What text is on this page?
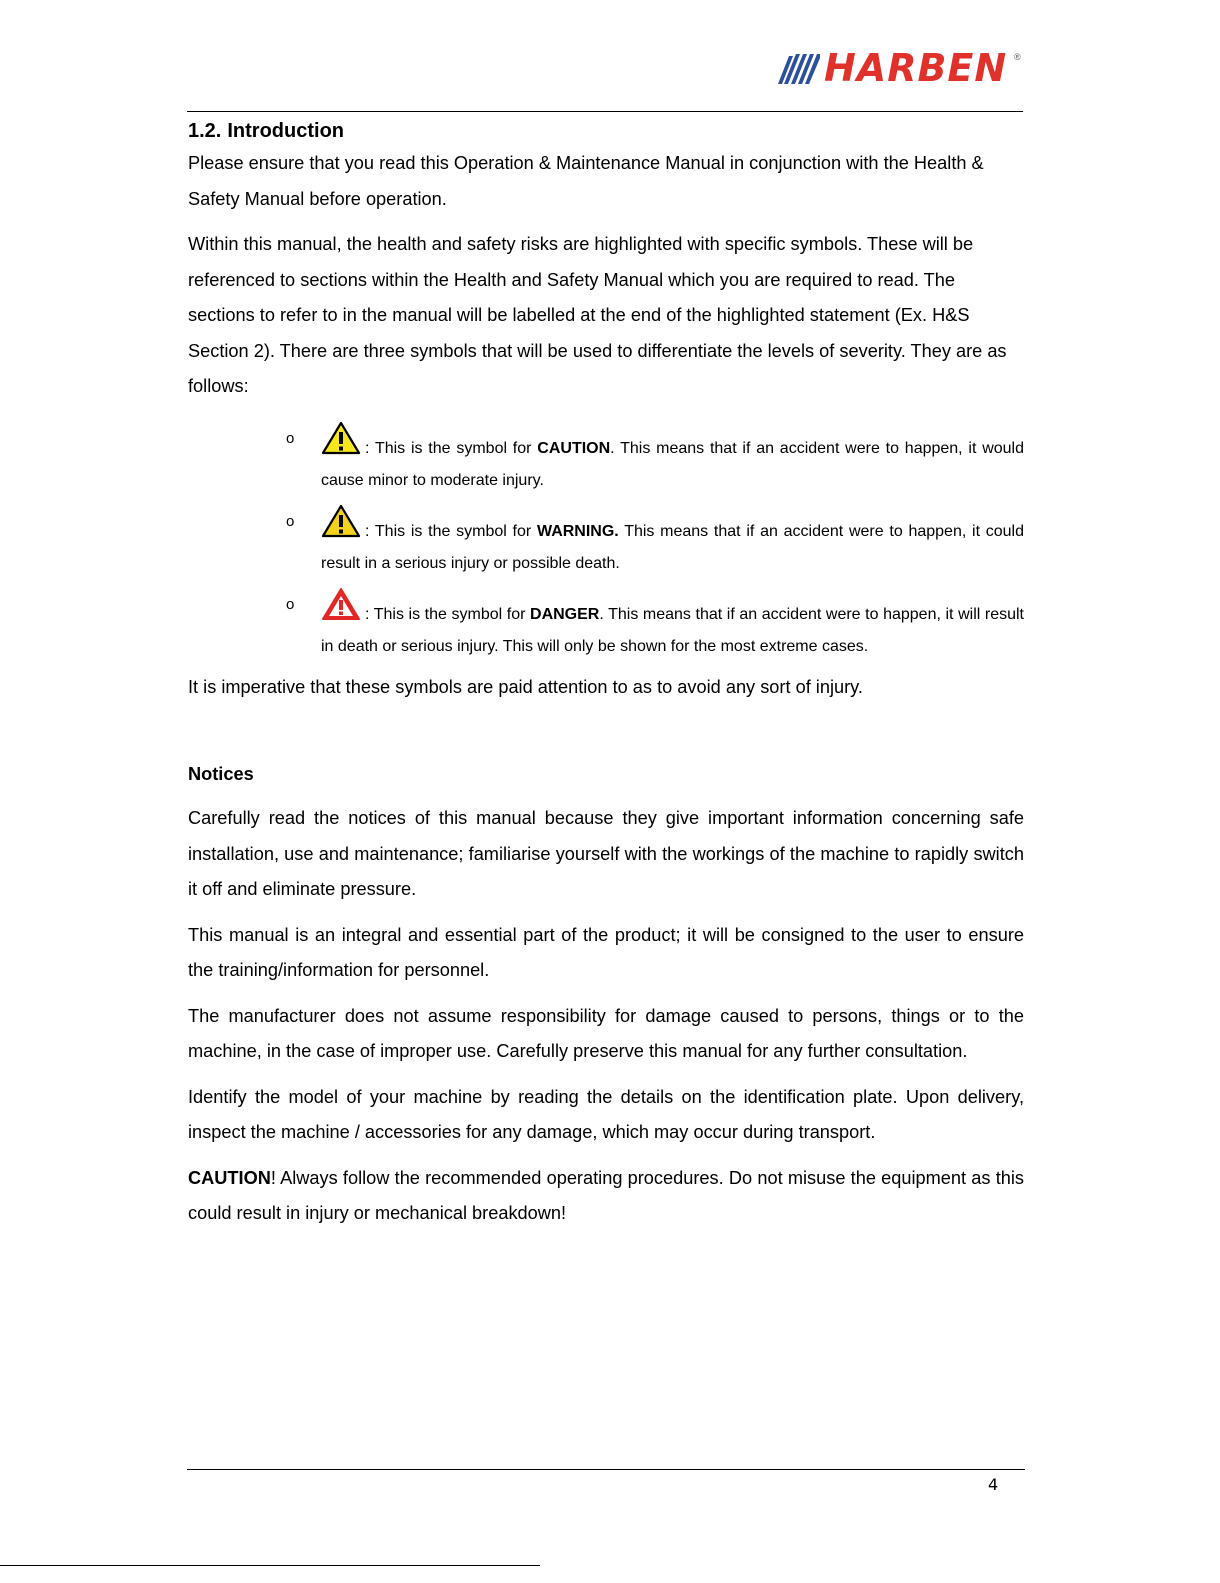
HARBEN ®
1.2. Introduction

Please ensure that you read this Operation & Maintenance Manual in conjunction with the Health & Safety Manual before operation.

Within this manual, the health and safety risks are highlighted with specific symbols. These will be referenced to sections within the Health and Safety Manual which you are required to read. The sections to refer to in the manual will be labelled at the end of the highlighted statement (Ex. H&S Section 2). There are three symbols that will be used to differentiate the levels of severity. They are as follows:

o
: This is the symbol for CAUTION. This means that if an accident were to happen, it would cause minor to moderate injury.
o
: This is the symbol for WARNING. This means that if an accident were to happen, it could result in a serious injury or possible death.
o
: This is the symbol for DANGER. This means that if an accident were to happen, it will result in death or serious injury. This will only be shown for the most extreme cases.

It is imperative that these symbols are paid attention to as to avoid any sort of injury.

Notices

Carefully read the notices of this manual because they give important information concerning safe installation, use and maintenance; familiarise yourself with the workings of the machine to rapidly switch it off and eliminate pressure.

This manual is an integral and essential part of the product; it will be consigned to the user to ensure the training/information for personnel.

The manufacturer does not assume responsibility for damage caused to persons, things or to the machine, in the case of improper use. Carefully preserve this manual for any further consultation.

Identify the model of your machine by reading the details on the identification plate. Upon delivery, inspect the machine / accessories for any damage, which may occur during transport.

CAUTION! Always follow the recommended operating procedures. Do not misuse the equipment as this could result in injury or mechanical breakdown!

4
